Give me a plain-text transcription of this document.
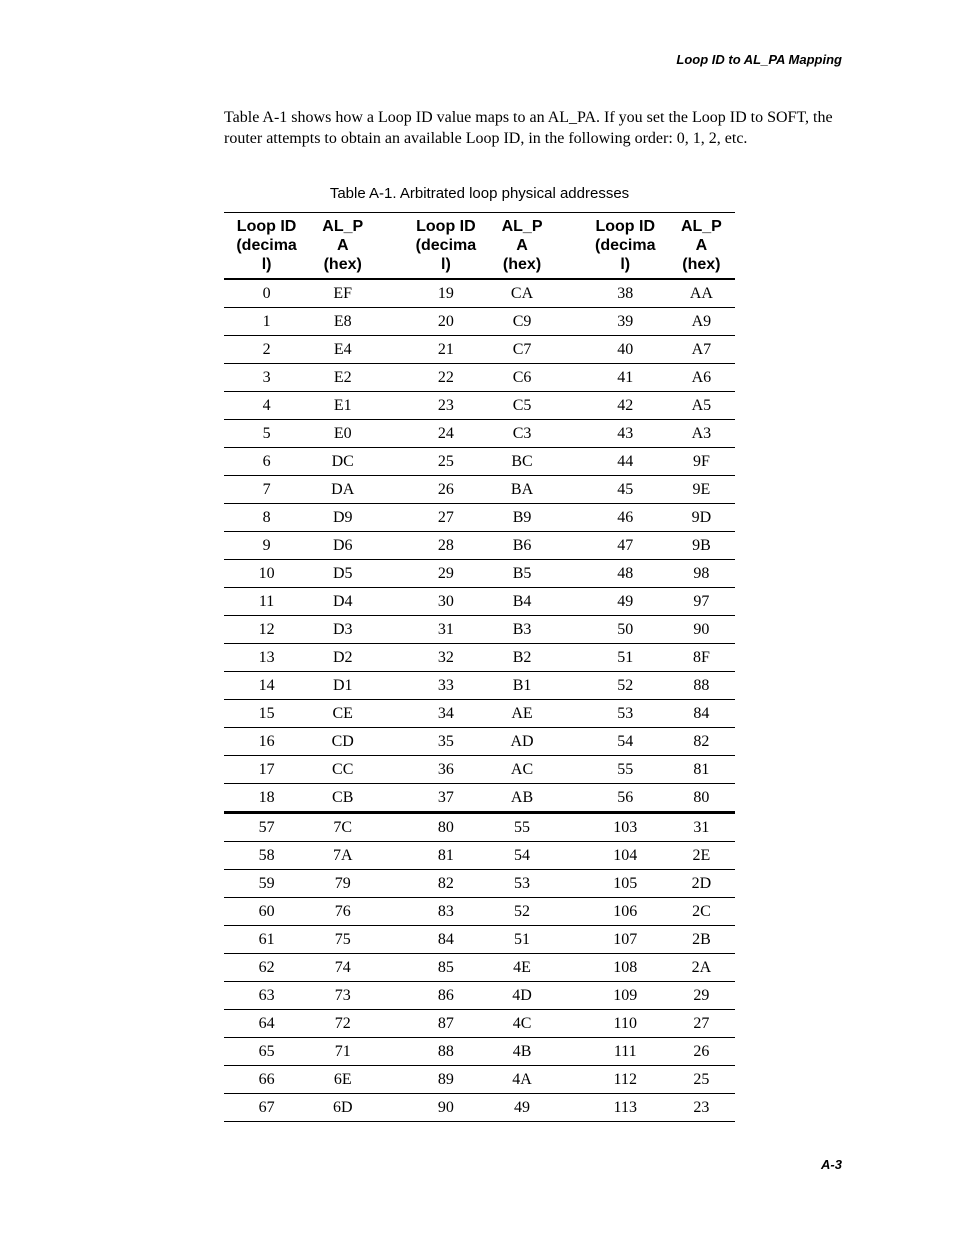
Loop ID to AL_PA Mapping

Table A-1 shows how a Loop ID value maps to an AL_PA. If you set the Loop ID to SOFT, the router attempts to obtain an available Loop ID, in the following order: 0, 1, 2, etc.

Table A-1. Arbitrated loop physical addresses
Loop ID
(decima
l)	AL_P
A
(hex)		Loop ID
(decima
l)	AL_P
A
(hex)		Loop ID
(decima
l)	AL_P
A
(hex)
0	EF		19	CA		38	AA
1	E8		20	C9		39	A9
2	E4		21	C7		40	A7
3	E2		22	C6		41	A6
4	E1		23	C5		42	A5
5	E0		24	C3		43	A3
6	DC		25	BC		44	9F
7	DA		26	BA		45	9E
8	D9		27	B9		46	9D
9	D6		28	B6		47	9B
10	D5		29	B5		48	98
11	D4		30	B4		49	97
12	D3		31	B3		50	90
13	D2		32	B2		51	8F
14	D1		33	B1		52	88
15	CE		34	AE		53	84
16	CD		35	AD		54	82
17	CC		36	AC		55	81
18	CB		37	AB		56	80
57	7C		80	55		103	31
58	7A		81	54		104	2E
59	79		82	53		105	2D
60	76		83	52		106	2C
61	75		84	51		107	2B
62	74		85	4E		108	2A
63	73		86	4D		109	29
64	72		87	4C		110	27
65	71		88	4B		111	26
66	6E		89	4A		112	25
67	6D		90	49		113	23
A-3
